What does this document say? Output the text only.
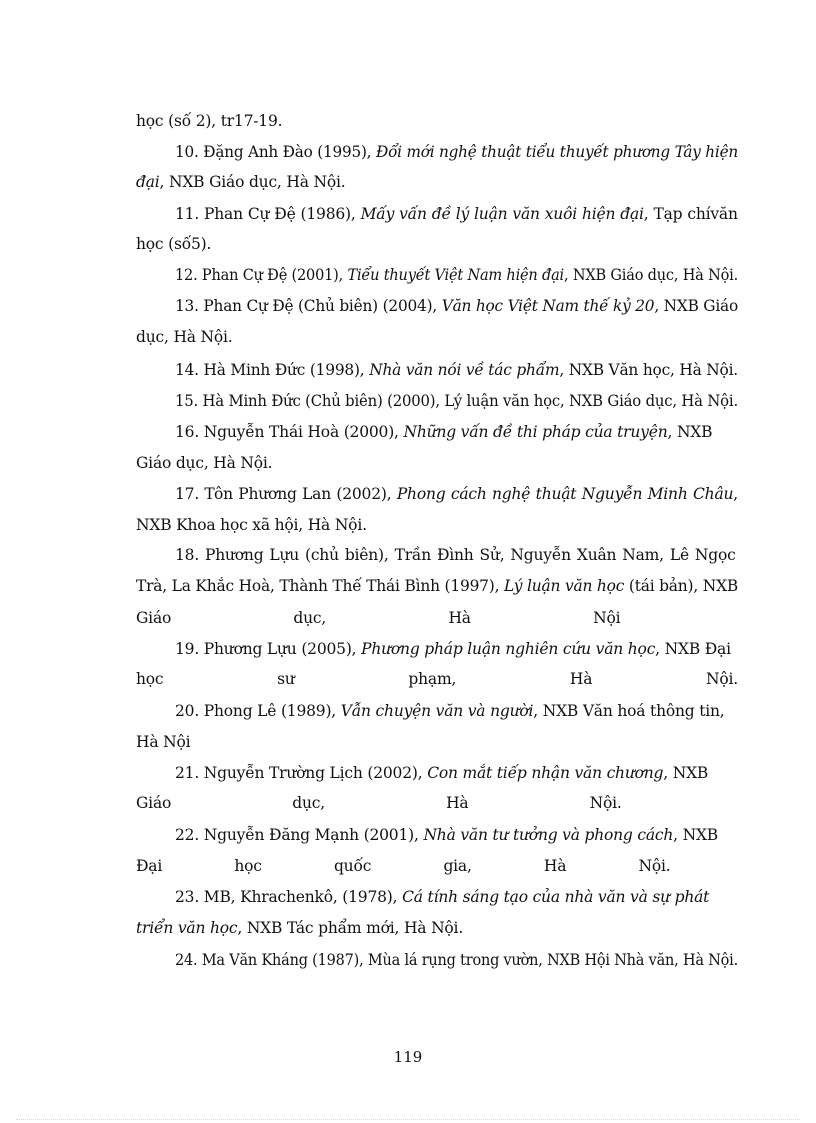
học (số 2), tr17-19.
10. Đặng Anh Đào (1995), Đổi mới nghệ thuật tiểu thuyết phương Tây hiện
đại, NXB Giáo dục, Hà Nội.
11. Phan Cự Đệ (1986), Mấy vấn đề lý luận văn xuôi hiện đại, Tạp chívăn
học (số5).
12. Phan Cự Đệ (2001), Tiểu thuyết Việt Nam hiện đại, NXB Giáo dục, Hà Nội.
13. Phan Cự Đệ (Chủ biên) (2004), Văn học Việt Nam thế kỷ 20, NXB Giáo
dục, Hà Nội.
14. Hà Minh Đức (1998), Nhà văn nói về tác phẩm, NXB Văn học, Hà Nội.
15. Hà Minh Đức (Chủ biên) (2000), Lý luận văn học, NXB Giáo dục, Hà Nội.
16. Nguyễn Thái Hoà (2000), Những vấn đề thi pháp của truyện, NXB
Giáo dục, Hà Nội.
17. Tôn Phương Lan (2002), Phong cách nghệ thuật Nguyễn Minh Châu,
NXB Khoa học xã hội, Hà Nội.
18. Phương Lựu (chủ biên), Trần Đình Sử, Nguyễn Xuân Nam, Lê Ngọc
Trà, La Khắc Hoà, Thành Thế Thái Bình (1997), Lý luận văn học (tái bản), NXB
Giáo dục, Hà Nội
19. Phương Lựu (2005), Phương pháp luận nghiên cứu văn học, NXB Đại
học sư phạm, Hà Nội.
20. Phong Lê (1989), Vẫn chuyện văn và người, NXB Văn hoá thông tin,
Hà Nội
21. Nguyễn Trường Lịch (2002), Con mắt tiếp nhận văn chương, NXB
Giáo dục, Hà Nội.
22. Nguyễn Đăng Mạnh (2001), Nhà văn tư tưởng và phong cách, NXB
Đại học quốc gia, Hà Nội.
23. MB, Khrachenkô, (1978), Cá tính sáng tạo của nhà văn và sự phát
triển văn học, NXB Tác phẩm mới, Hà Nội.
24. Ma Văn Kháng (1987), Mùa lá rụng trong vườn, NXB Hội Nhà văn, Hà Nội.
119
